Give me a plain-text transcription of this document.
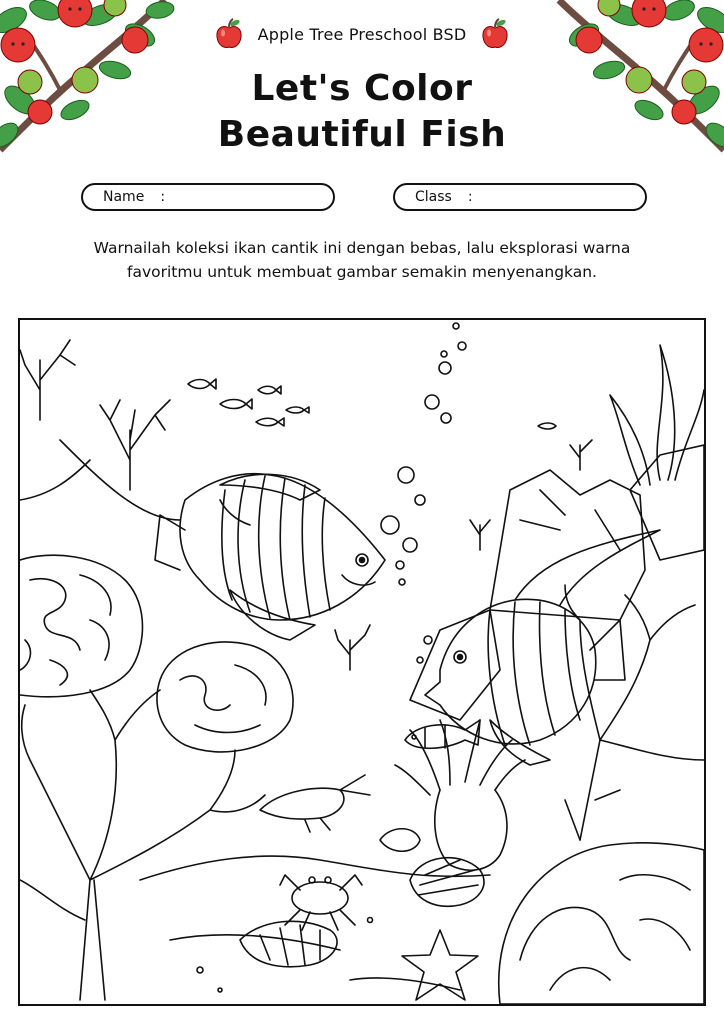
Apple Tree Preschool BSD
Let's Color
Beautiful Fish
Name :	Class :
Warnailah koleksi ikan cantik ini dengan bebas, lalu eksplorasi warna favoritmu untuk membuat gambar semakin menyenangkan.
